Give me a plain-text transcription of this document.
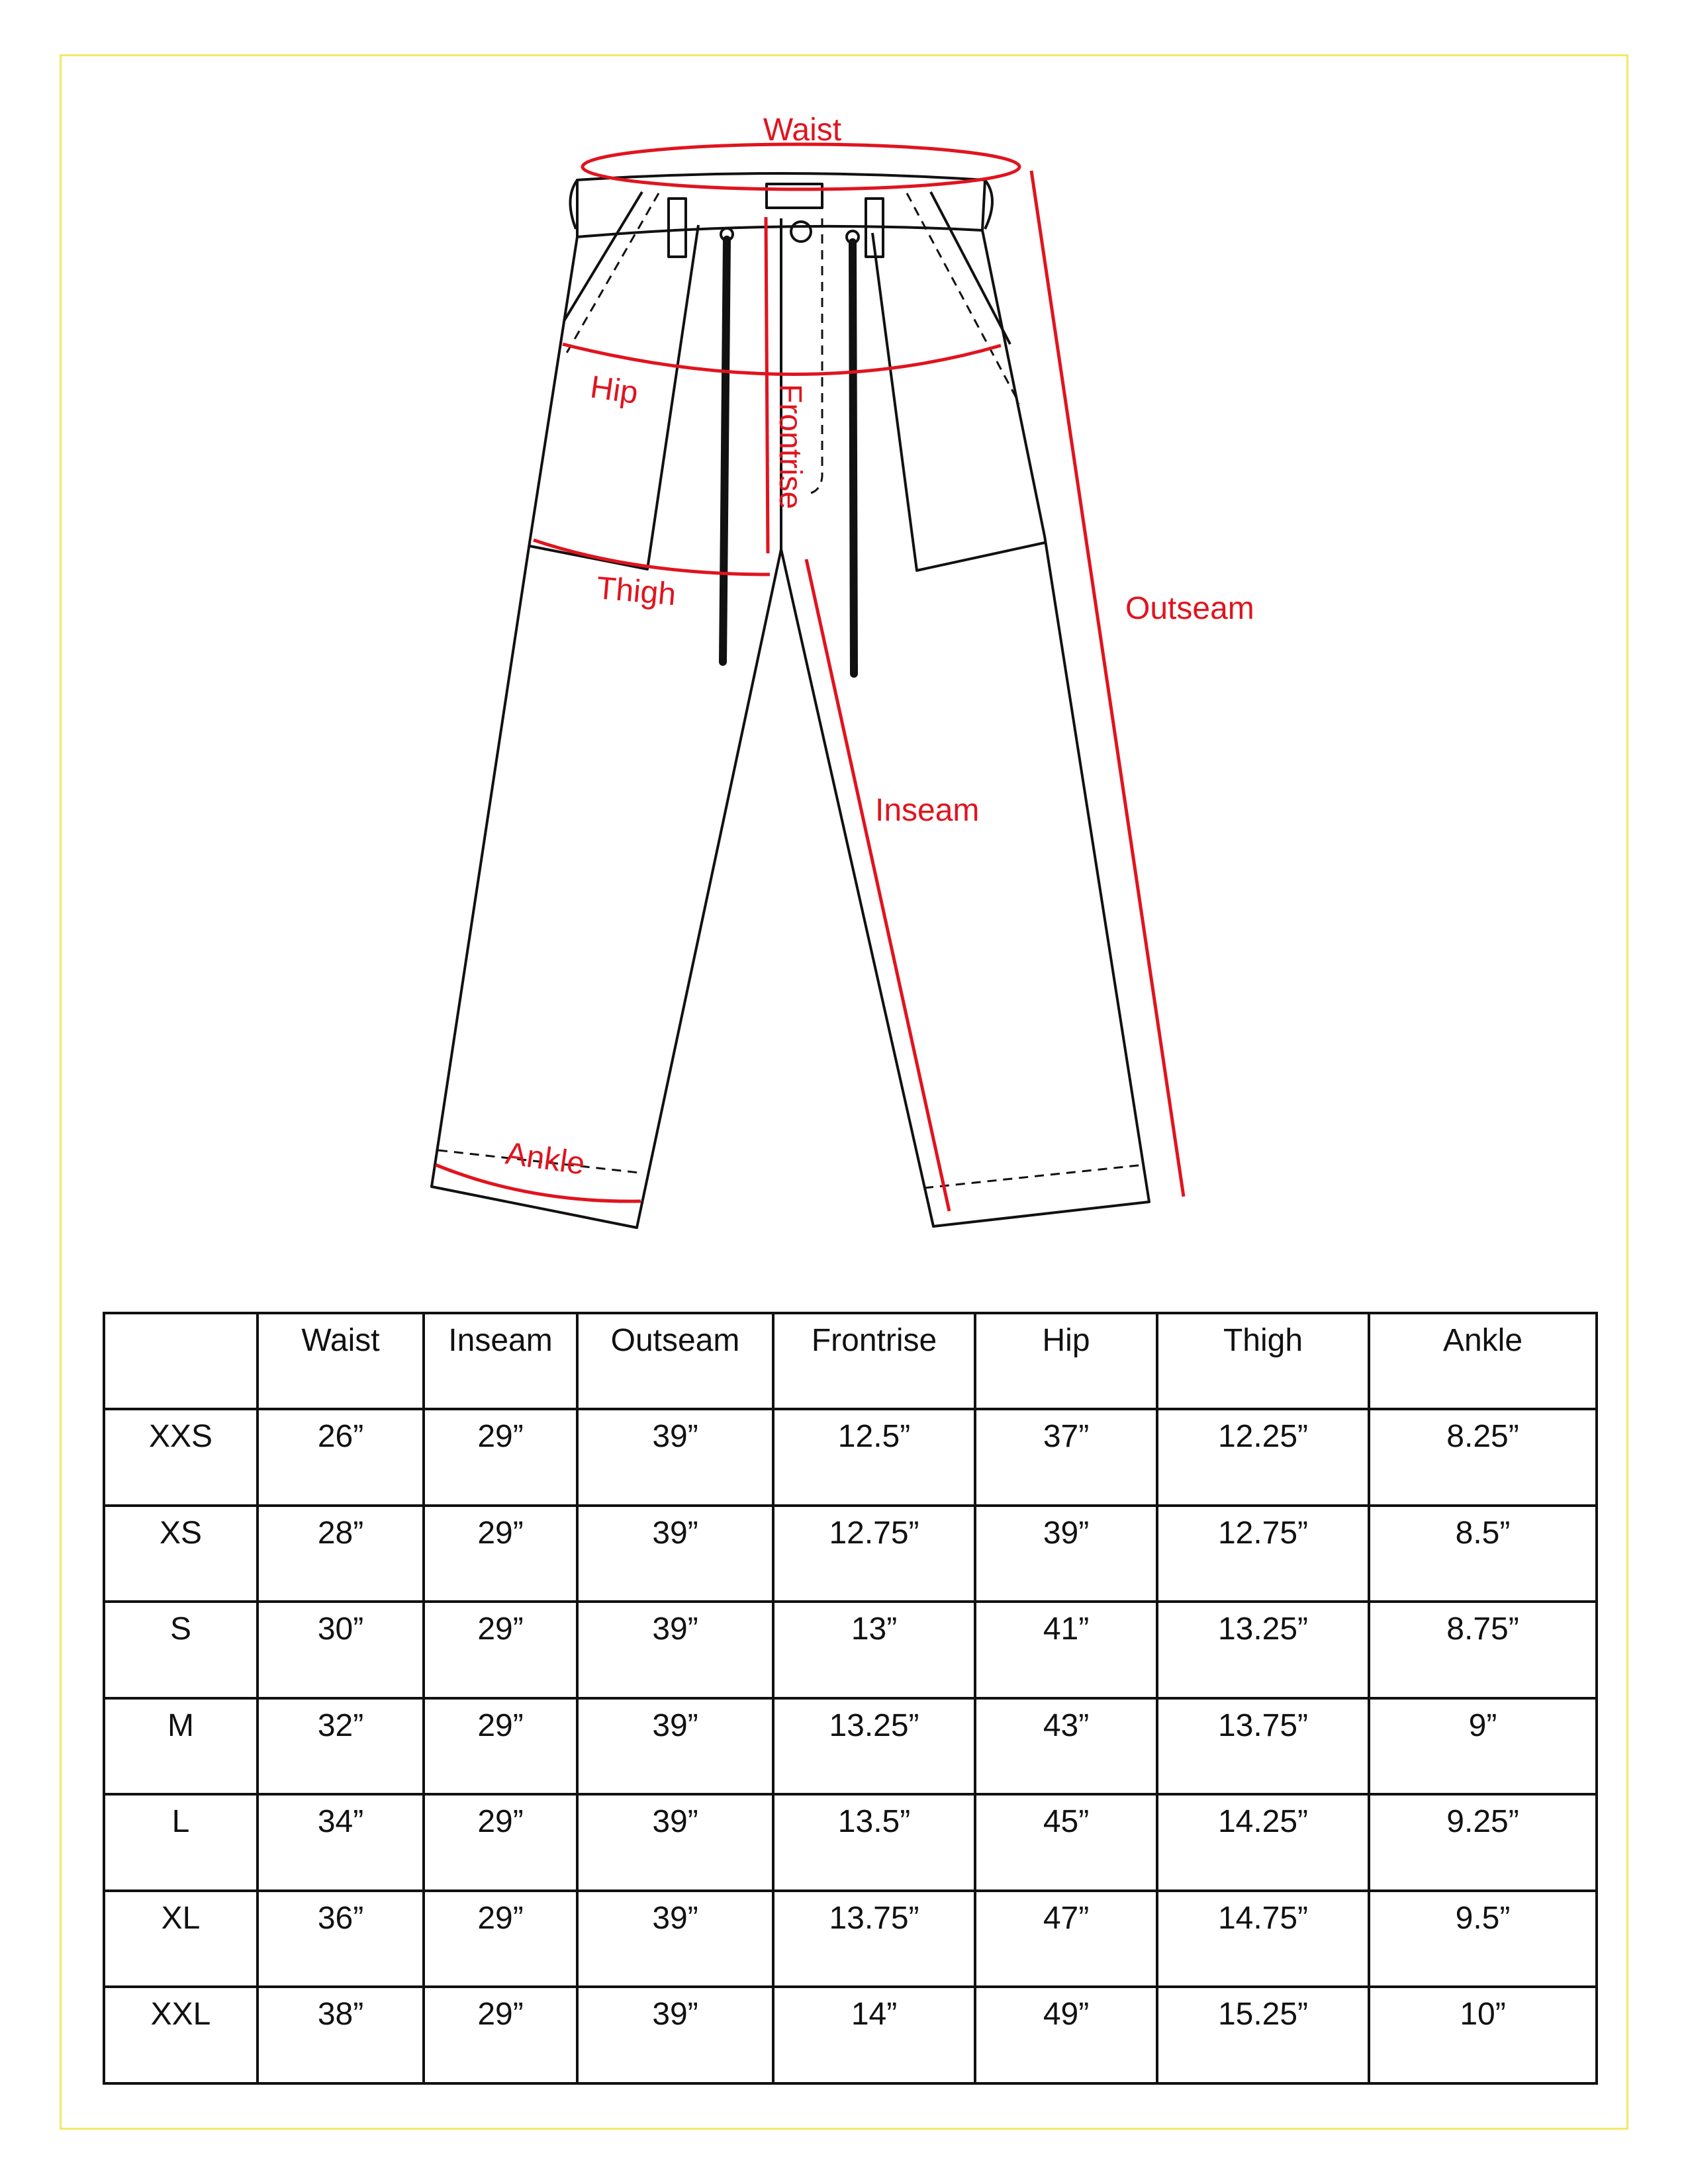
Waist
Hip	Frontrise
Thigh	Outseam
Inseam
Ankle
	Waist	Inseam	Outseam	Frontrise	Hip	Thigh	Ankle
XXS	26”	29”	39”	12.5”	37”	12.25”	8.25”
XS	28”	29”	39”	12.75”	39”	12.75”	8.5”
S	30”	29”	39”	13”	41”	13.25”	8.75”
M	32”	29”	39”	13.25”	43”	13.75”	9”
L	34”	29”	39”	13.5”	45”	14.25”	9.25”
XL	36”	29”	39”	13.75”	47”	14.75”	9.5”
XXL	38”	29”	39”	14”	49”	15.25”	10”
